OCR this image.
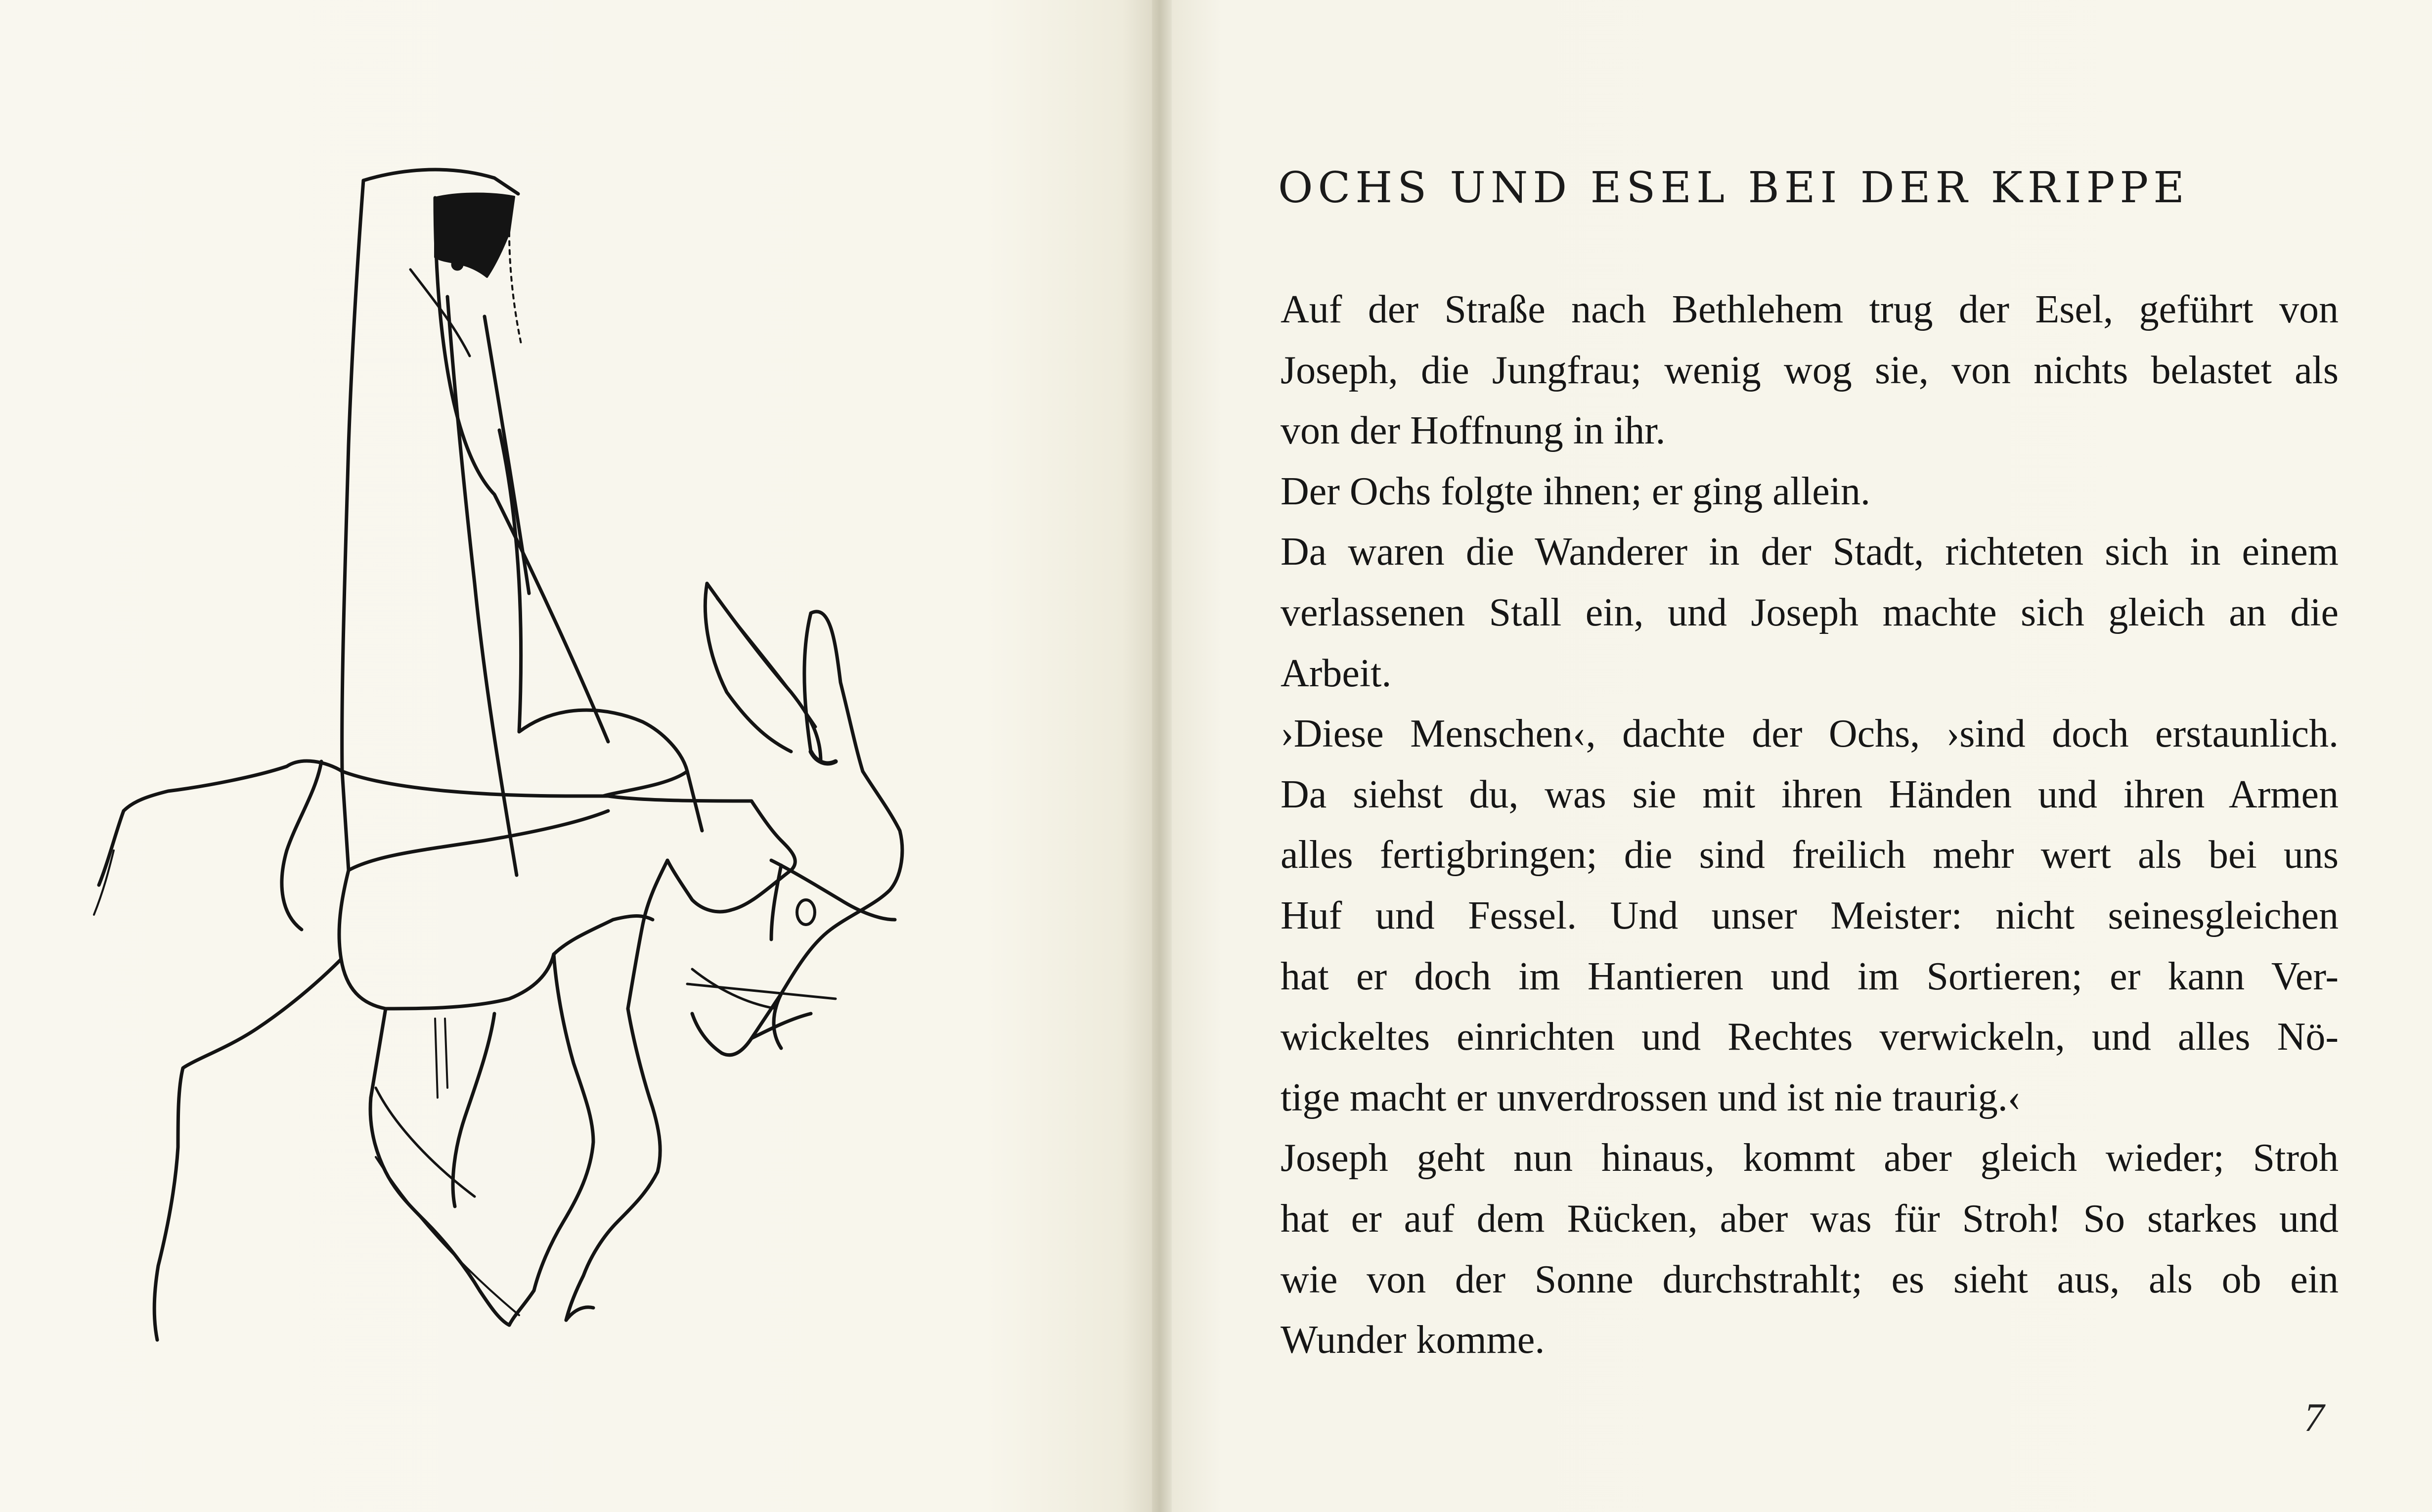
OCHS UND ESEL BEI DER KRIPPE
Auf der Straße nach Bethlehem trug der Esel, geführt von
Joseph, die Jungfrau; wenig wog sie, von nichts belastet als
von der Hoffnung in ihr.
Der Ochs folgte ihnen; er ging allein.
Da waren die Wanderer in der Stadt, richteten sich in einem
verlassenen Stall ein, und Joseph machte sich gleich an die
Arbeit.
›Diese Menschen‹, dachte der Ochs, ›sind doch erstaunlich.
Da siehst du, was sie mit ihren Händen und ihren Armen
alles fertigbringen; die sind freilich mehr wert als bei uns
Huf und Fessel. Und unser Meister: nicht seinesgleichen
hat er doch im Hantieren und im Sortieren; er kann Ver-
wickeltes einrichten und Rechtes verwickeln, und alles Nö-
tige macht er unverdrossen und ist nie traurig.‹
Joseph geht nun hinaus, kommt aber gleich wieder; Stroh
hat er auf dem Rücken, aber was für Stroh! So starkes und
wie von der Sonne durchstrahlt; es sieht aus, als ob ein
Wunder komme.
7
